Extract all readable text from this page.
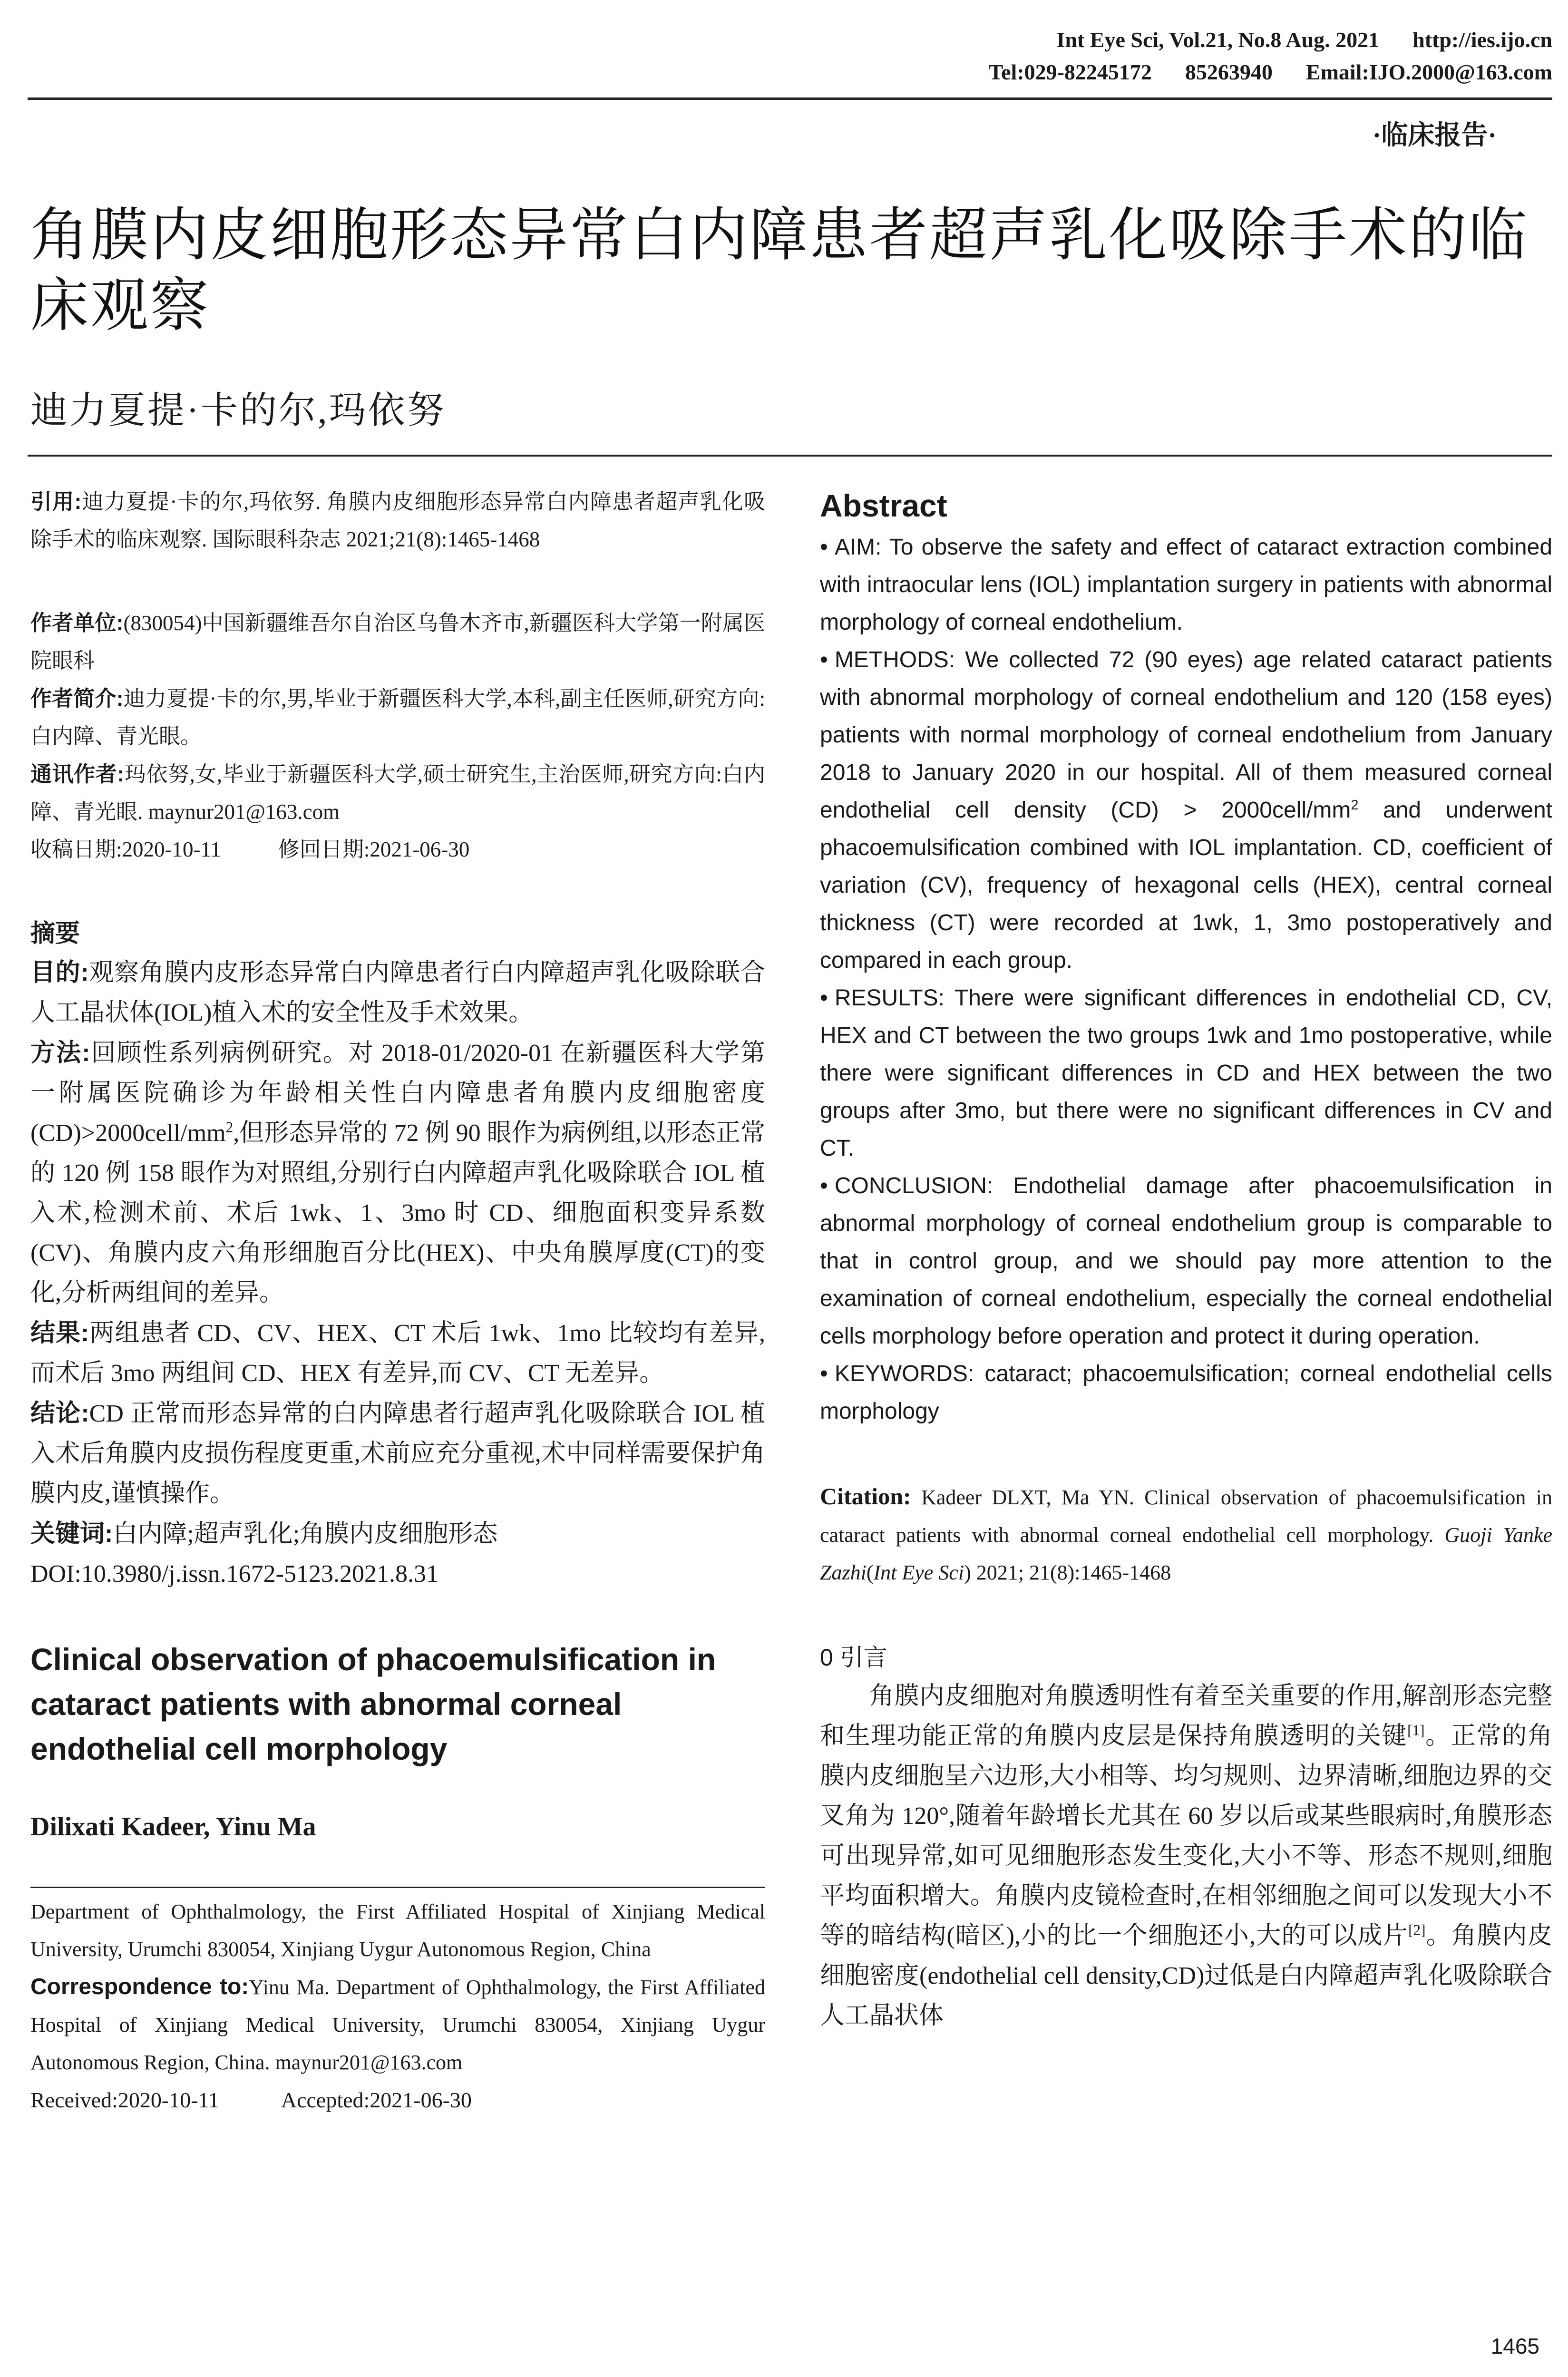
Int Eye Sci, Vol.21, No.8 Aug. 2021 http://ies.ijo.cn
Tel:029-82245172 85263940 Email:IJO.2000@163.com
·临床报告·
角膜内皮细胞形态异常白内障患者超声乳化吸除手术的临床观察
迪力夏提·卡的尔,玛依努

引用:迪力夏提·卡的尔,玛依努. 角膜内皮细胞形态异常白内障患者超声乳化吸除手术的临床观察. 国际眼科杂志 2021;21(8):1465-1468

作者单位:(830054)中国新疆维吾尔自治区乌鲁木齐市,新疆医科大学第一附属医院眼科

作者简介:迪力夏提·卡的尔,男,毕业于新疆医科大学,本科,副主任医师,研究方向:白内障、青光眼。

通讯作者:玛依努,女,毕业于新疆医科大学,硕士研究生,主治医师,研究方向:白内障、青光眼. maynur201@163.com

收稿日期:2020-10-11	修回日期:2021-06-30

摘要

目的:观察角膜内皮形态异常白内障患者行白内障超声乳化吸除联合人工晶状体(IOL)植入术的安全性及手术效果。

方法:回顾性系列病例研究。对 2018-01/2020-01 在新疆医科大学第一附属医院确诊为年龄相关性白内障患者角膜内皮细胞密度$(CD)>2000cell/mm^2$,但形态异常的 72 例 90 眼作为病例组,以形态正常的 120 例 158 眼作为对照组,分别行白内障超声乳化吸除联合 IOL 植入术,检测术前、术后 1wk、1、3mo 时 CD、细胞面积变异系数(CV)、角膜内皮六角形细胞百分比(HEX)、中央角膜厚度(CT)的变化,分析两组间的差异。

结果:两组患者 CD、CV、HEX、CT 术后 1wk、1mo 比较均有差异,而术后 3mo 两组间 CD、HEX 有差异,而 CV、CT 无差异。

结论:CD 正常而形态异常的白内障患者行超声乳化吸除联合 IOL 植入术后角膜内皮损伤程度更重,术前应充分重视,术中同样需要保护角膜内皮,谨慎操作。

关键词:白内障;超声乳化;角膜内皮细胞形态

DOI:10.3980/j.issn.1672-5123.2021.8.31

Clinical observation of phacoemulsification in cataract patients with abnormal corneal endothelial cell morphology

Dilixati Kadeer, Yinu Ma

Department of Ophthalmology, the First Affiliated Hospital of Xinjiang Medical University, Urumchi 830054, Xinjiang Uygur Autonomous Region, China

Correspondence to:Yinu Ma. Department of Ophthalmology, the First Affiliated Hospital of Xinjiang Medical University, Urumchi 830054, Xinjiang Uygur Autonomous Region, China. maynur201@163.com

Received:2020-10-11	Accepted:2021-06-30

Abstract

• AIM: To observe the safety and effect of cataract extraction combined with intraocular lens (IOL) implantation surgery in patients with abnormal morphology of corneal endothelium.

• METHODS: We collected 72 (90 eyes) age related cataract patients with abnormal morphology of corneal endothelium and 120 (158 eyes) patients with normal morphology of corneal endothelium from January 2018 to January 2020 in our hospital. All of them measured corneal endothelial cell density $(CD) > 2000cell/mm^2$ and underwent phacoemulsification combined with IOL implantation. CD, coefficient of variation (CV), frequency of hexagonal cells (HEX), central corneal thickness (CT) were recorded at 1wk, 1, 3mo postoperatively and compared in each group.

• RESULTS: There were significant differences in endothelial CD, CV, HEX and CT between the two groups 1wk and 1mo postoperative, while there were significant differences in CD and HEX between the two groups after 3mo, but there were no significant differences in CV and CT.

• CONCLUSION: Endothelial damage after phacoemulsification in abnormal morphology of corneal endothelium group is comparable to that in control group, and we should pay more attention to the examination of corneal endothelium, especially the corneal endothelial cells morphology before operation and protect it during operation.

• KEYWORDS: cataract; phacoemulsification; corneal endothelial cells morphology

Citation: Kadeer DLXT, Ma YN. Clinical observation of phacoemulsification in cataract patients with abnormal corneal endothelial cell morphology. Guoji Yanke Zazhi(Int Eye Sci) 2021; 21(8):1465-1468

0 引言

角膜内皮细胞对角膜透明性有着至关重要的作用,解剖形态完整和生理功能正常的角膜内皮层是保持角膜透明的关键[1]。正常的角膜内皮细胞呈六边形,大小相等、均匀规则、边界清晰,细胞边界的交叉角为 120°,随着年龄增长尤其在 60 岁以后或某些眼病时,角膜形态可出现异常,如可见细胞形态发生变化,大小不等、形态不规则,细胞平均面积增大。角膜内皮镜检查时,在相邻细胞之间可以发现大小不等的暗结构(暗区),小的比一个细胞还小,大的可以成片[2]。角膜内皮细胞密度(endothelial cell density,CD)过低是白内障超声乳化吸除联合人工晶状体

1465
